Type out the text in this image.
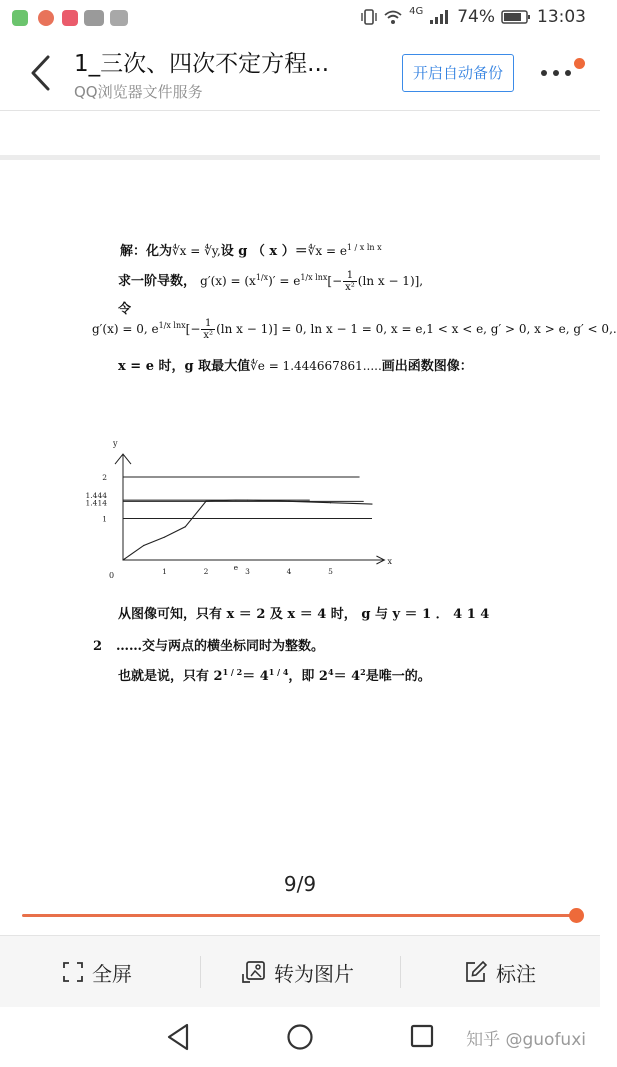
4G 74% 13:03
1_三次、四次不定方程...
QQ浏览器文件服务
开启自动备份
解：化为∜x = ∜y,设 g （ x ）＝∜x = $e^{1 / x ln x}$
求一阶导数， $g'(x) = (x^{1/x})' = e^{1/x lnx}[- \frac{1}{\text{x²}} (\ln$ x − 1)],
令
g′(x) = 0, $e^{1/x lnx}[- \frac{1}{\text{x²}} (\ln$ x − 1)] = 0, ln x − 1 = 0, x = e,1 < x < e, g′ > 0, x > e, g′ < 0,.
x = e 时，g 取最大值∜e = 1.444667861.....画出函数图像：
y
x
0
1
1.414
1.444
2
1	2	e 3	4	5
从图像可知，只有 x ＝ 2 及 x ＝ 4 时， g 与 y ＝ 1 ． 4 1 4
2 ……交与两点的横坐标同时为整数。
也就是说，只有 $2^{1 / 2}= 4^{1 / 4}$，即 $2^4= 4^2$是唯一的。
9/9
全屏	转为图片	标注
知乎 @guofuxi
